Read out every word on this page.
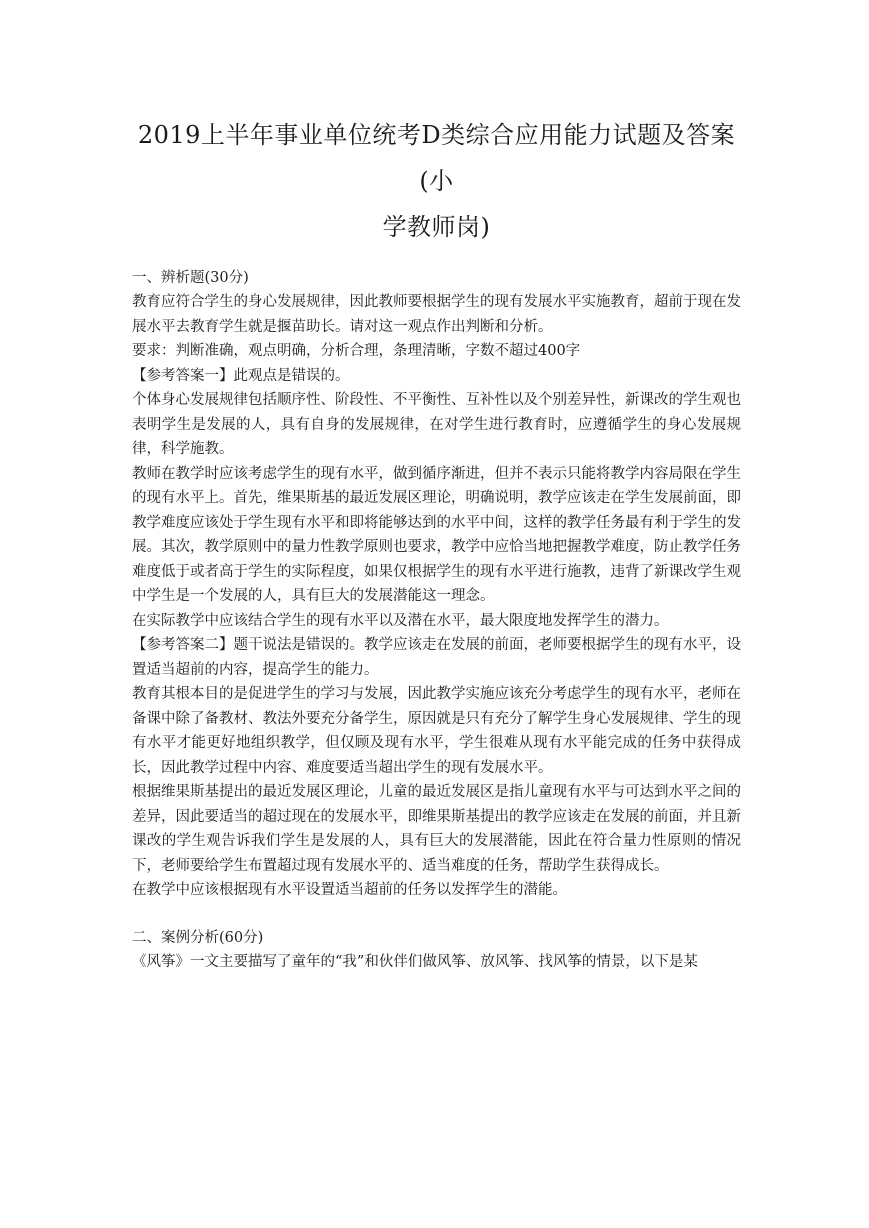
2019上半年事业单位统考D类综合应用能力试题及答案(小
学教师岗)
一、辨析题(30分)

教育应符合学生的身心发展规律，因此教师要根据学生的现有发展水平实施教育，超前于现在发展水平去教育学生就是揠苗助长。请对这一观点作出判断和分析。

要求：判断准确，观点明确，分析合理，条理清晰，字数不超过400字

【参考答案一】此观点是错误的。

个体身心发展规律包括顺序性、阶段性、不平衡性、互补性以及个别差异性，新课改的学生观也表明学生是发展的人，具有自身的发展规律，在对学生进行教育时，应遵循学生的身心发展规律，科学施教。

教师在教学时应该考虑学生的现有水平，做到循序渐进，但并不表示只能将教学内容局限在学生的现有水平上。首先，维果斯基的最近发展区理论，明确说明，教学应该走在学生发展前面，即教学难度应该处于学生现有水平和即将能够达到的水平中间，这样的教学任务最有利于学生的发展。其次，教学原则中的量力性教学原则也要求，教学中应恰当地把握教学难度，防止教学任务难度低于或者高于学生的实际程度，如果仅根据学生的现有水平进行施教，违背了新课改学生观中学生是一个发展的人，具有巨大的发展潜能这一理念。

在实际教学中应该结合学生的现有水平以及潜在水平，最大限度地发挥学生的潜力。

【参考答案二】题干说法是错误的。教学应该走在发展的前面，老师要根据学生的现有水平，设置适当超前的内容，提高学生的能力。

教育其根本目的是促进学生的学习与发展，因此教学实施应该充分考虑学生的现有水平，老师在备课中除了备教材、教法外要充分备学生，原因就是只有充分了解学生身心发展规律、学生的现有水平才能更好地组织教学，但仅顾及现有水平，学生很难从现有水平能完成的任务中获得成长，因此教学过程中内容、难度要适当超出学生的现有发展水平。

根据维果斯基提出的最近发展区理论，儿童的最近发展区是指儿童现有水平与可达到水平之间的差异，因此要适当的超过现在的发展水平，即维果斯基提出的教学应该走在发展的前面，并且新课改的学生观告诉我们学生是发展的人，具有巨大的发展潜能，因此在符合量力性原则的情况下，老师要给学生布置超过现有发展水平的、适当难度的任务，帮助学生获得成长。

在教学中应该根据现有水平设置适当超前的任务以发挥学生的潜能。

二、案例分析(60分)

《风筝》一文主要描写了童年的“我”和伙伴们做风筝、放风筝、找风筝的情景，以下是某
